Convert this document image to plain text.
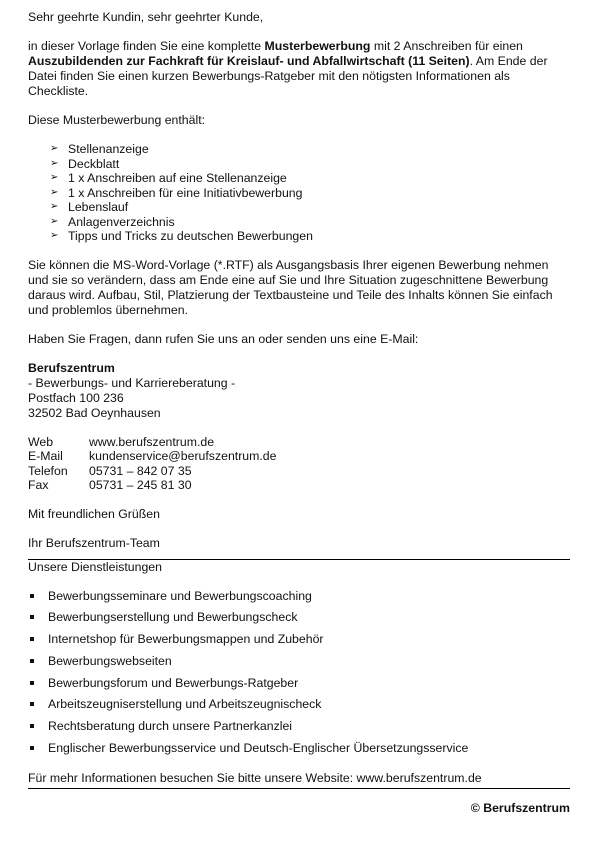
Sehr geehrte Kundin, sehr geehrter Kunde,

in dieser Vorlage finden Sie eine komplette Musterbewerbung mit 2 Anschreiben für einen Auszubildenden zur Fachkraft für Kreislauf- und Abfallwirtschaft (11 Seiten). Am Ende der Datei finden Sie einen kurzen Bewerbungs-Ratgeber mit den nötigsten Informationen als Checkliste.

Diese Musterbewerbung enthält:

➢ Stellenanzeige
➢ Deckblatt
➢ 1 x Anschreiben auf eine Stellenanzeige
➢ 1 x Anschreiben für eine Initiativbewerbung
➢ Lebenslauf
➢ Anlagenverzeichnis
➢ Tipps und Tricks zu deutschen Bewerbungen

Sie können die MS-Word-Vorlage (*.RTF) als Ausgangsbasis Ihrer eigenen Bewerbung nehmen und sie so verändern, dass am Ende eine auf Sie und Ihre Situation zugeschnittene Bewerbung daraus wird. Aufbau, Stil, Platzierung der Textbausteine und Teile des Inhalts können Sie einfach und problemlos übernehmen.

Haben Sie Fragen, dann rufen Sie uns an oder senden uns eine E-Mail:

Berufszentrum

- Bewerbungs- und Karriereberatung -

Postfach 100 236

32502 Bad Oeynhausen

Web	www.berufszentrum.de
E-Mail	kundenservice@berufszentrum.de
Telefon	05731 – 842 07 35
Fax	05731 – 245 81 30

Mit freundlichen Grüßen

Ihr Berufszentrum-Team

Unsere Dienstleistungen

Bewerbungsseminare und Bewerbungscoaching
Bewerbungserstellung und Bewerbungscheck
Internetshop für Bewerbungsmappen und Zubehör
Bewerbungswebseiten
Bewerbungsforum und Bewerbungs-Ratgeber
Arbeitszeugniserstellung und Arbeitszeugnischeck
Rechtsberatung durch unsere Partnerkanzlei
Englischer Bewerbungsservice und Deutsch-Englischer Übersetzungsservice

Für mehr Informationen besuchen Sie bitte unsere Website: www.berufszentrum.de

© Berufszentrum
